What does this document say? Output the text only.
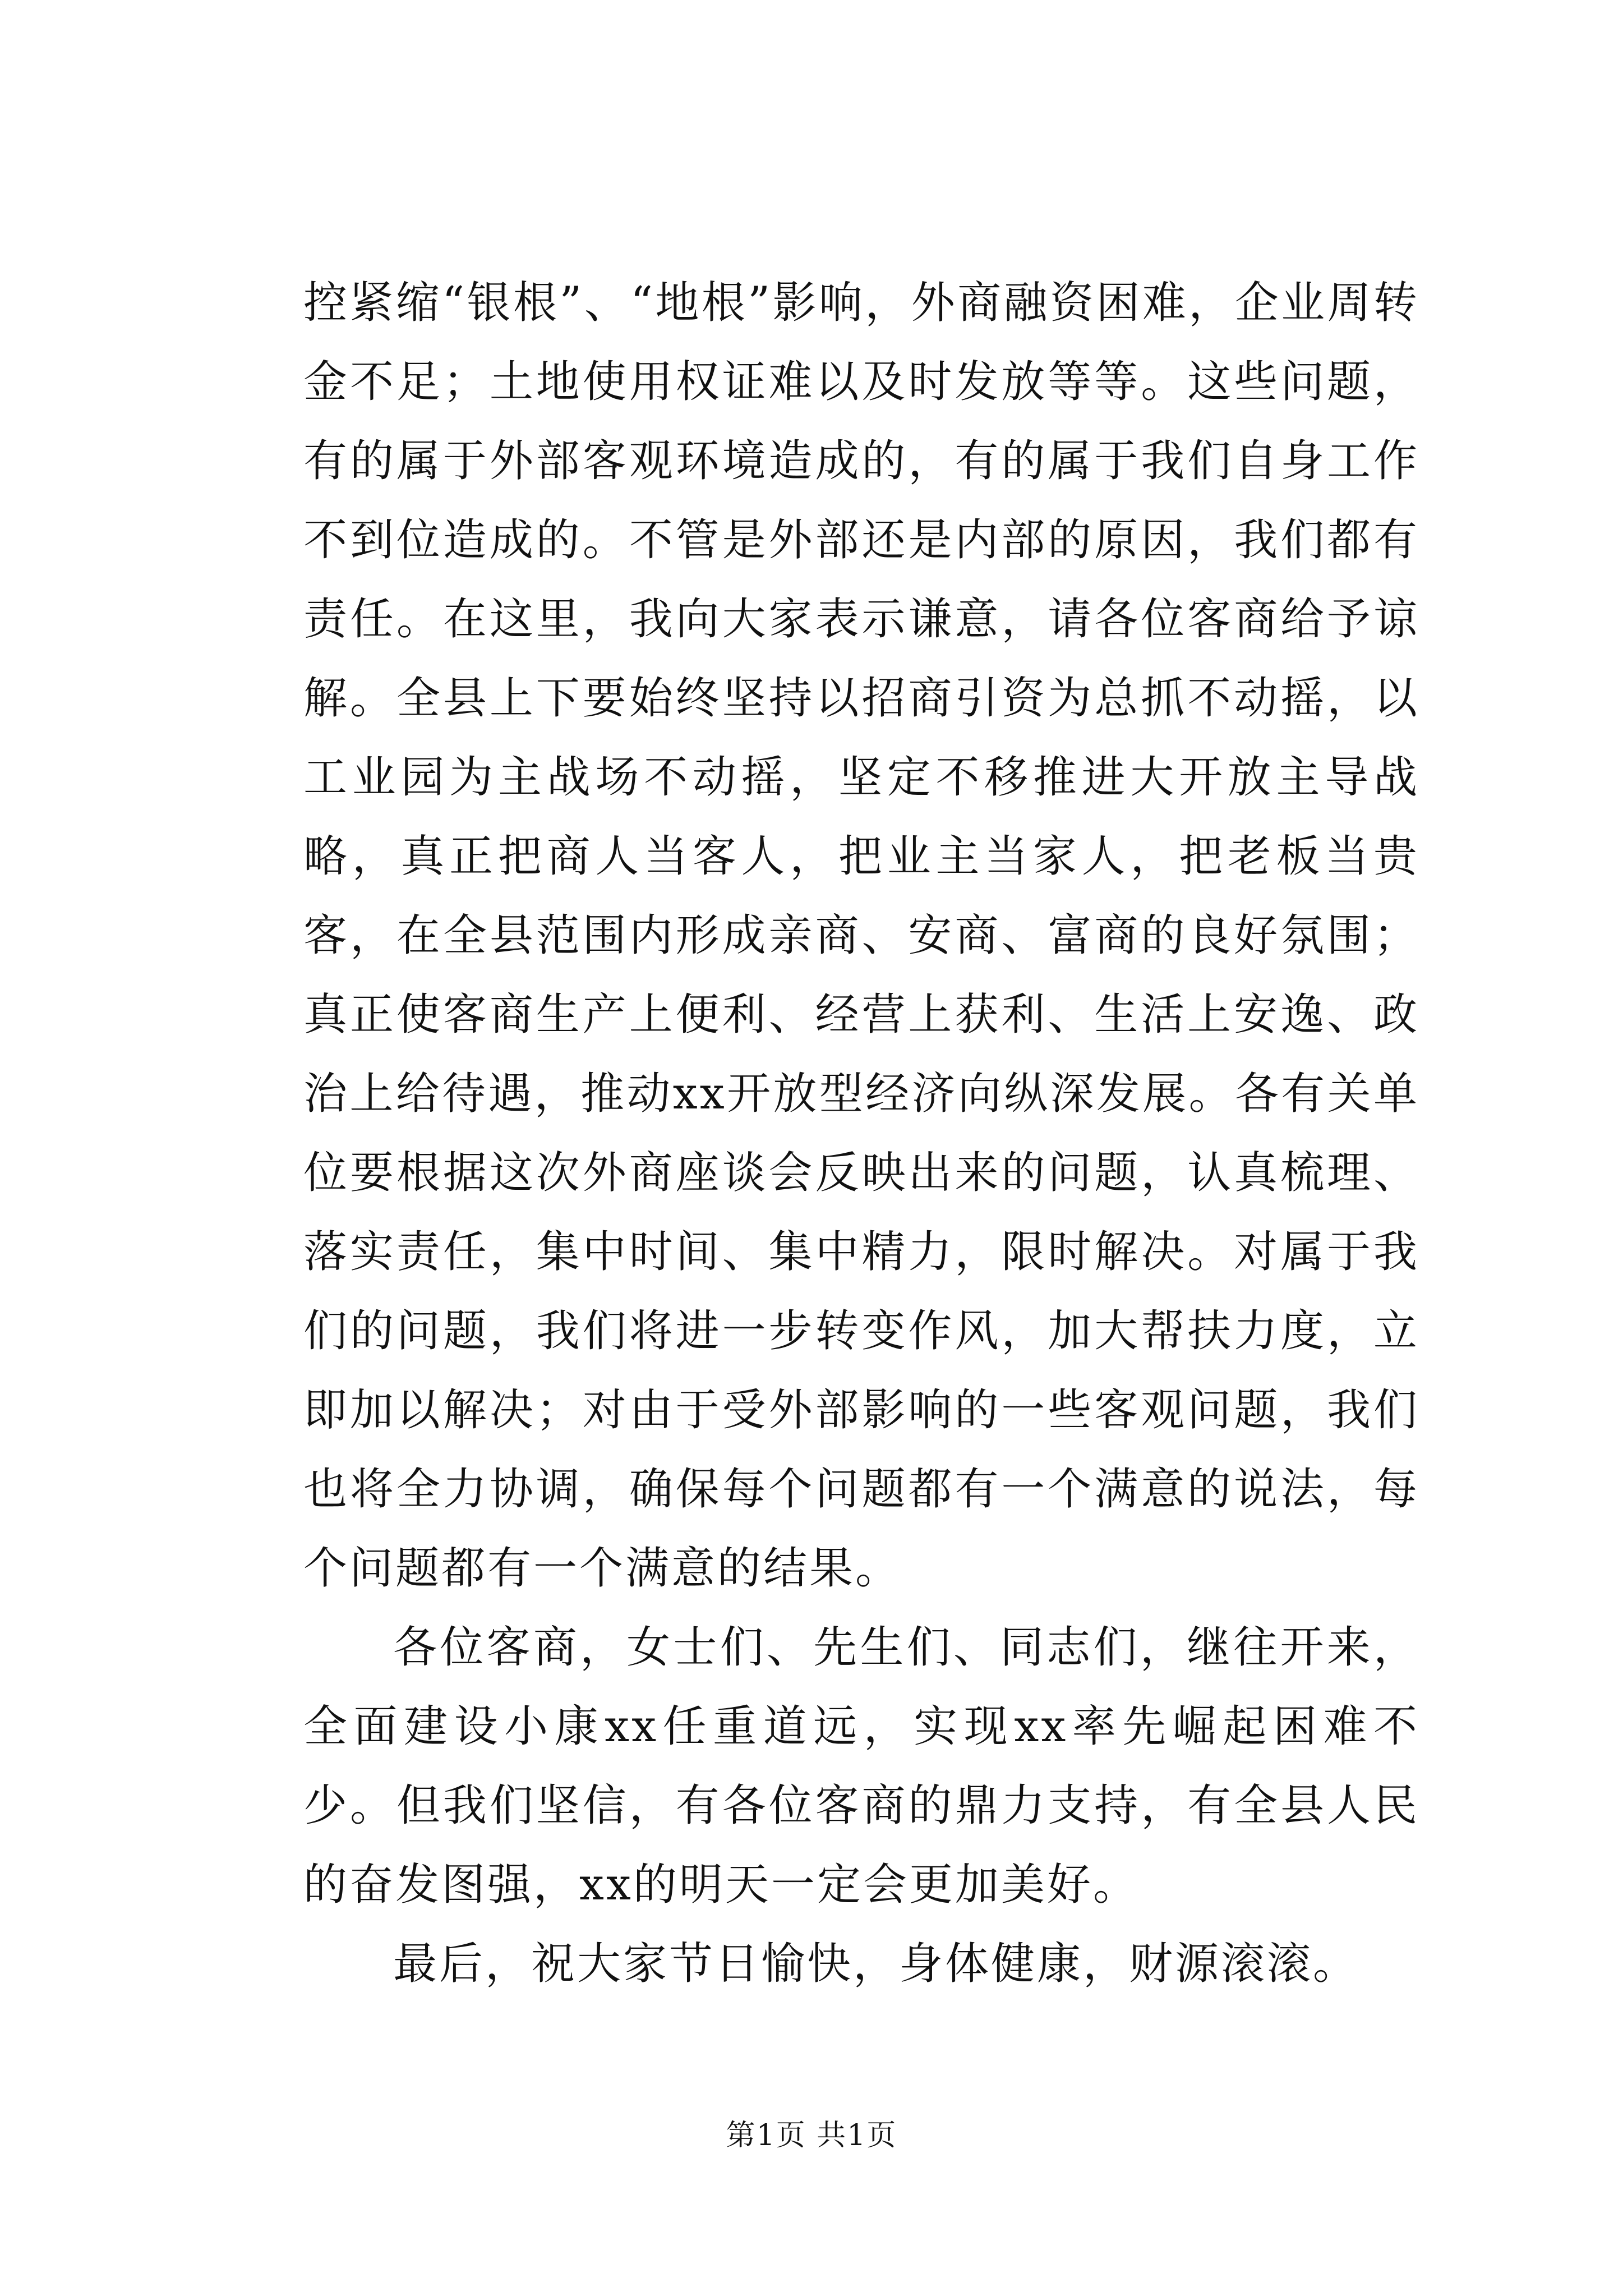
控紧缩“银根”、“地根”影响，外商融资困难，企业周转金不足；土地使用权证难以及时发放等等。这些问题，有的属于外部客观环境造成的，有的属于我们自身工作不到位造成的。不管是外部还是内部的原因，我们都有责任。在这里，我向大家表示谦意，请各位客商给予谅解。全县上下要始终坚持以招商引资为总抓不动摇，以工业园为主战场不动摇，坚定不移推进大开放主导战略，真正把商人当客人，把业主当家人，把老板当贵客，在全县范围内形成亲商、安商、富商的良好氛围；真正使客商生产上便利、经营上获利、生活上安逸、政治上给待遇，推动xx开放型经济向纵深发展。各有关单位要根据这次外商座谈会反映出来的问题，认真梳理、落实责任，集中时间、集中精力，限时解决。对属于我们的问题，我们将进一步转变作风，加大帮扶力度，立即加以解决；对由于受外部影响的一些客观问题，我们也将全力协调，确保每个问题都有一个满意的说法，每个问题都有一个满意的结果。

各位客商，女士们、先生们、同志们，继往开来，全面建设小康xx任重道远，实现xx率先崛起困难不少。但我们坚信，有各位客商的鼎力支持，有全县人民的奋发图强，xx的明天一定会更加美好。

最后，祝大家节日愉快，身体健康，财源滚滚。

第1页 共1页
